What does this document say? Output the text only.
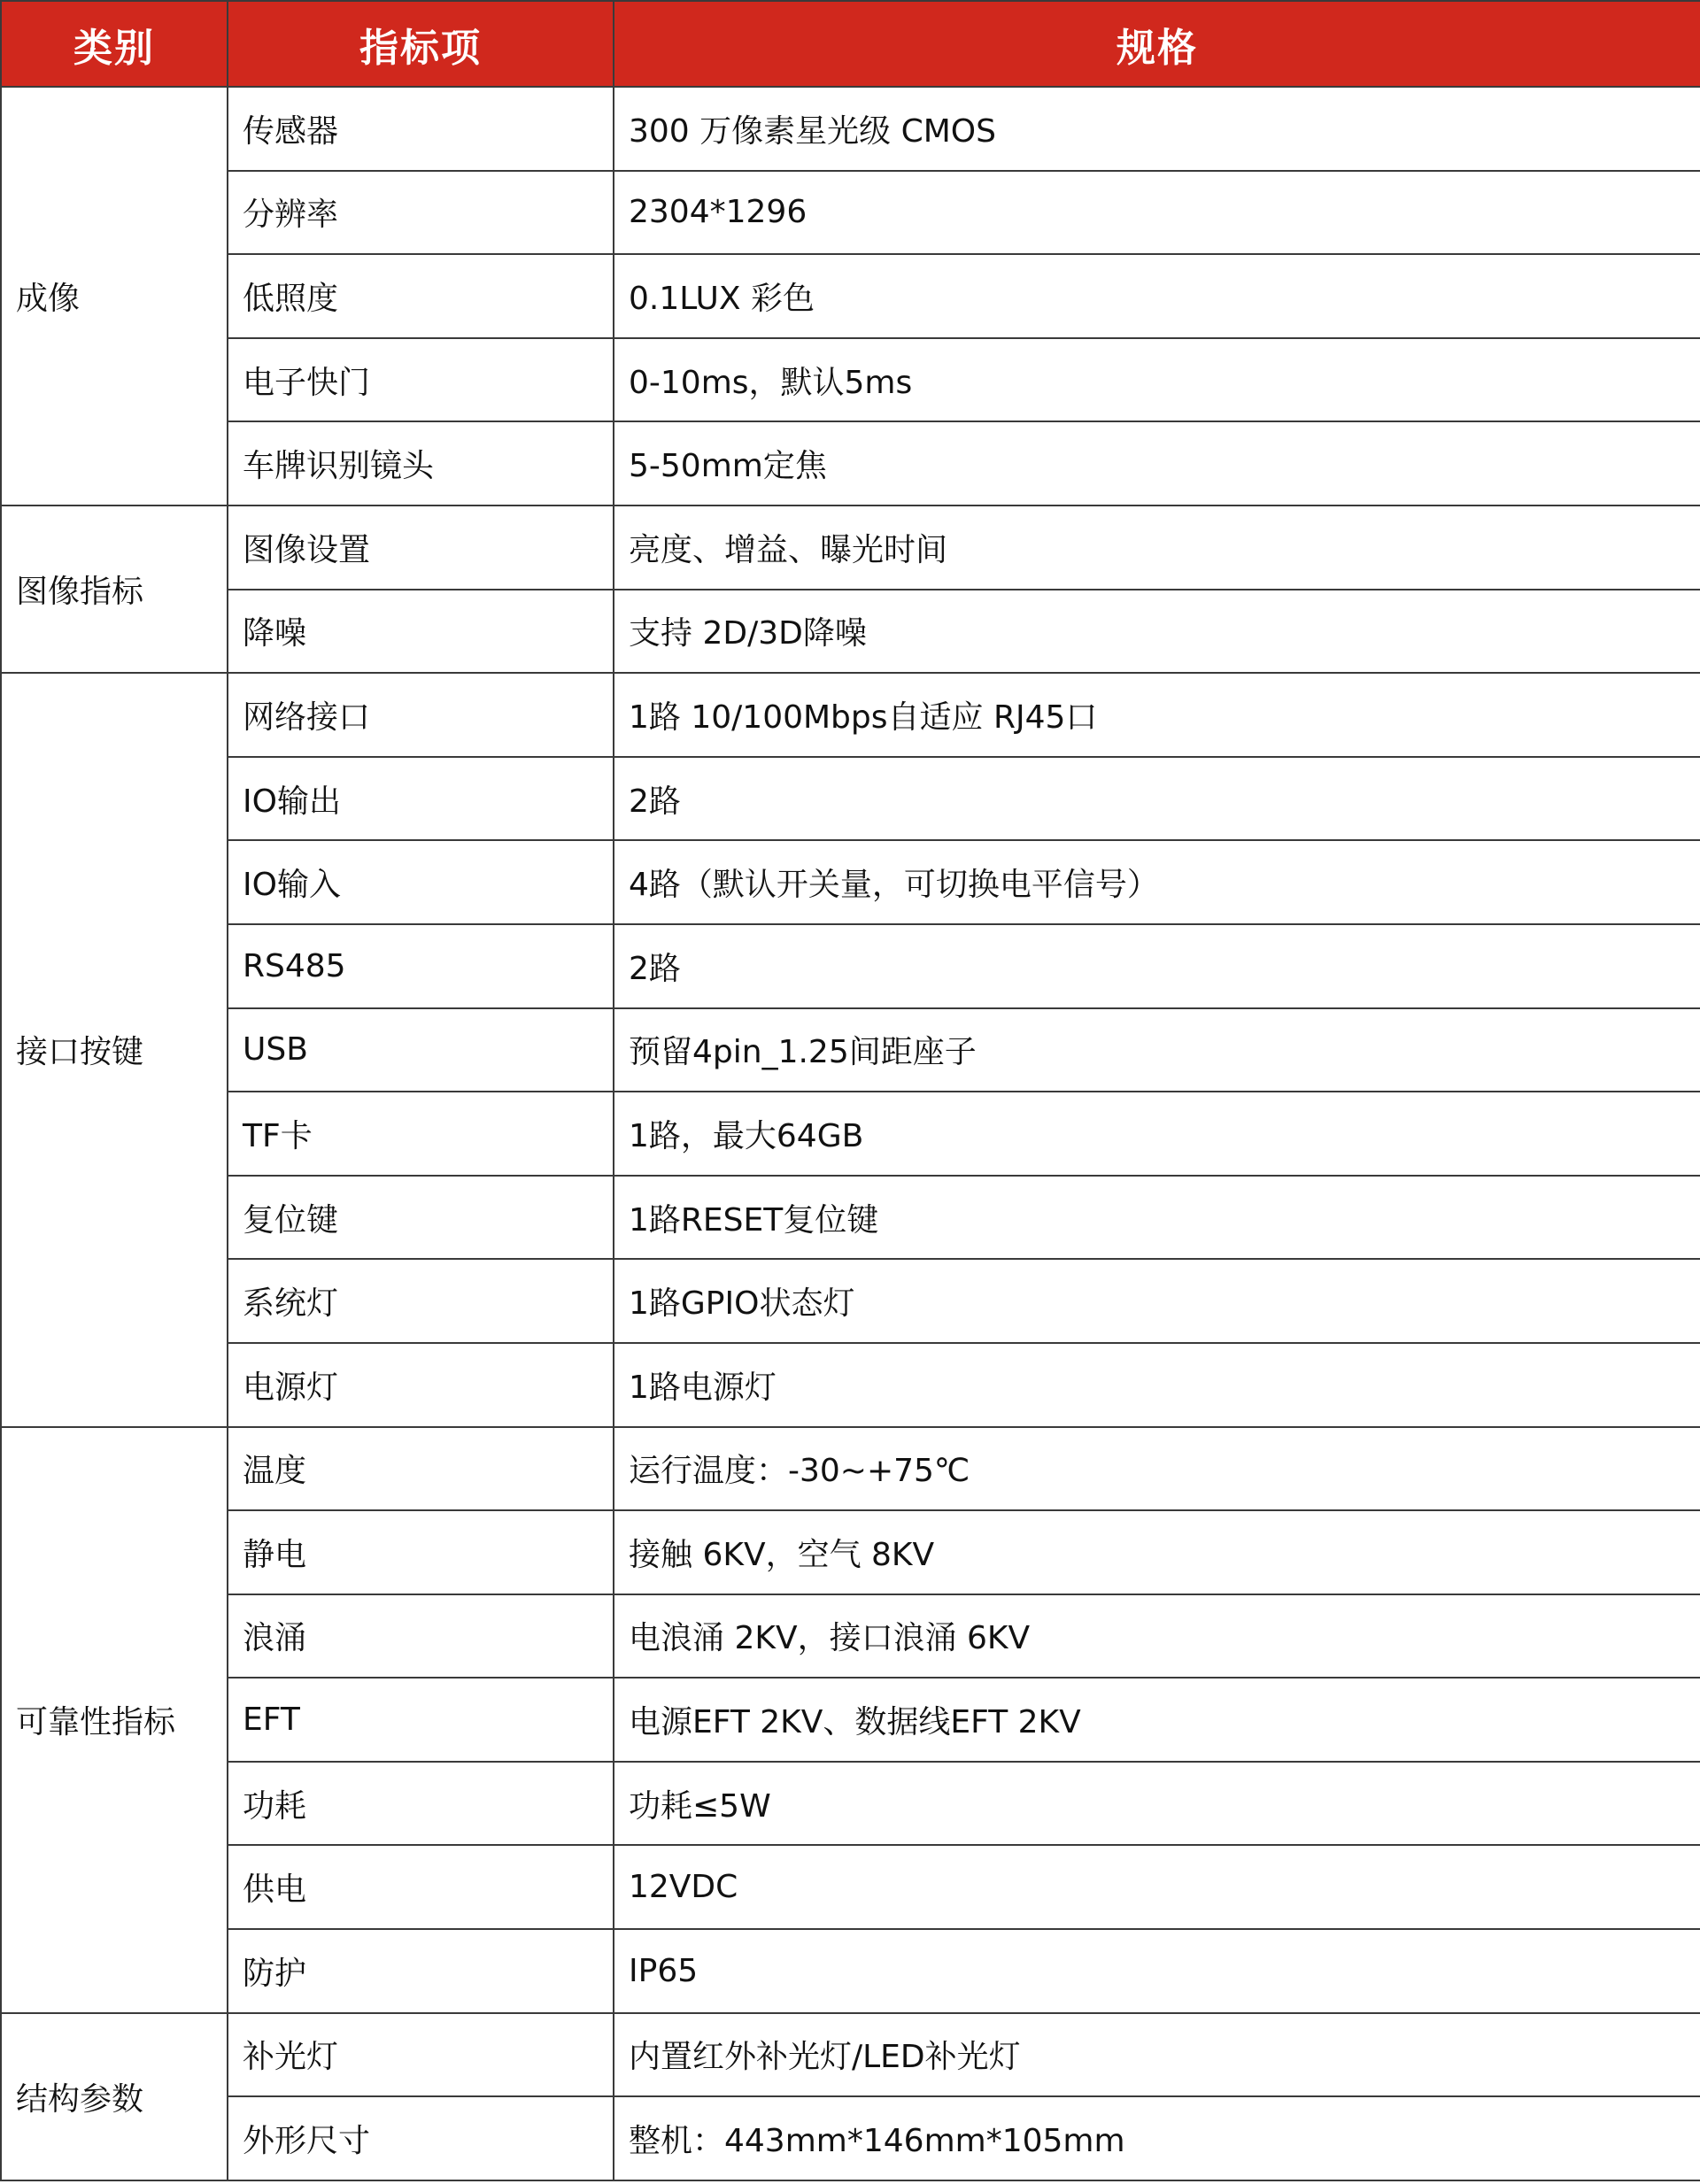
类别	指标项	规格
成像	传感器	300 万像素星光级 CMOS
	分辨率	2304*1296
	低照度	0.1LUX 彩色
	电子快门	0-10ms，默认5ms
	车牌识别镜头	5-50mm定焦
图像指标	图像设置	亮度、增益、曝光时间
	降噪	支持 2D/3D降噪
接口按键	网络接口	1路 10/100Mbps自适应 RJ45口
	IO输出	2路
	IO输入	4路（默认开关量，可切换电平信号）
	RS485	2路
	USB	预留4pin_1.25间距座子
	TF卡	1路，最大64GB
	复位键	1路RESET复位键
	系统灯	1路GPIO状态灯
	电源灯	1路电源灯
可靠性指标	温度	运行温度：-30~+75℃
	静电	接触 6KV，空气 8KV
	浪涌	电浪涌 2KV，接口浪涌 6KV
	EFT	电源EFT 2KV、数据线EFT 2KV
	功耗	功耗≤5W
	供电	12VDC
	防护	IP65
结构参数	补光灯	内置红外补光灯/LED补光灯
	外形尺寸	整机：443mm*146mm*105mm
